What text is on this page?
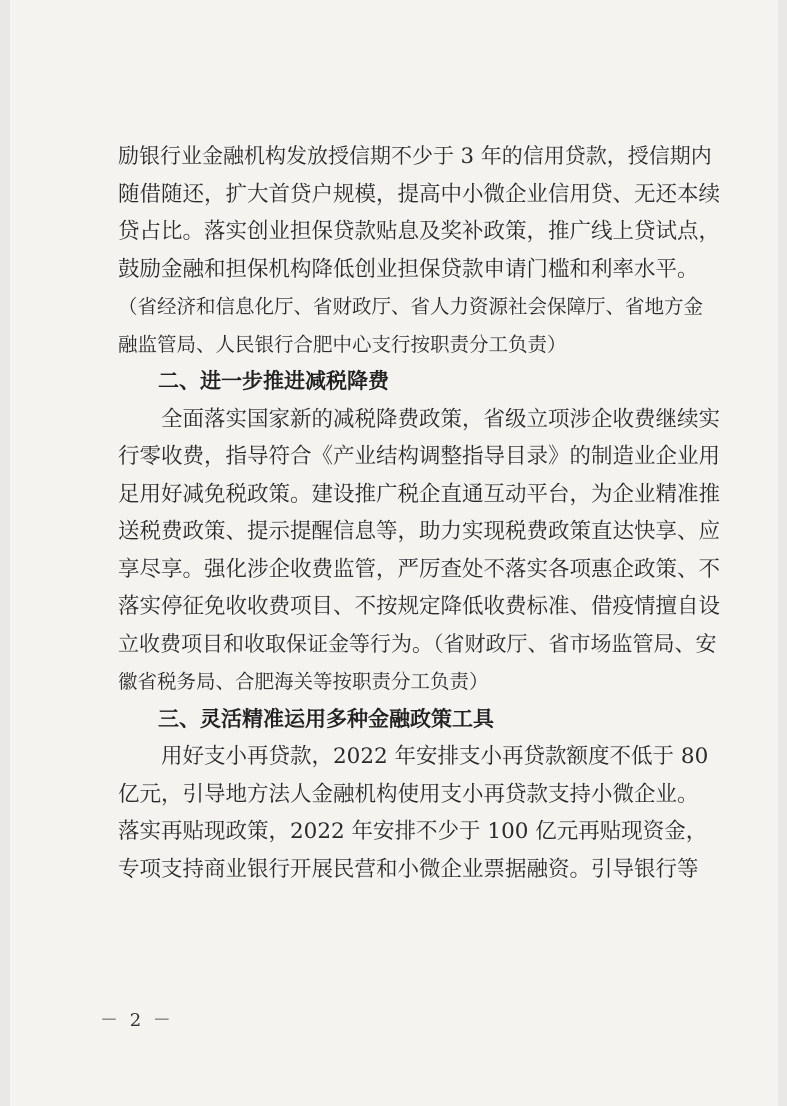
励银行业金融机构发放授信期不少于 3 年的信用贷款，授信期内
随借随还，扩大首贷户规模，提高中小微企业信用贷、无还本续
贷占比。落实创业担保贷款贴息及奖补政策，推广线上贷试点，
鼓励金融和担保机构降低创业担保贷款申请门槛和利率水平。
（省经济和信息化厅、省财政厅、省人力资源社会保障厅、省地方金
融监管局、人民银行合肥中心支行按职责分工负责）
二、进一步推进减税降费
　　全面落实国家新的减税降费政策，省级立项涉企收费继续实
行零收费，指导符合《产业结构调整指导目录》的制造业企业用
足用好减免税政策。建设推广税企直通互动平台，为企业精准推
送税费政策、提示提醒信息等，助力实现税费政策直达快享、应
享尽享。强化涉企收费监管，严厉查处不落实各项惠企政策、不
落实停征免收收费项目、不按规定降低收费标准、借疫情擅自设
立收费项目和收取保证金等行为。（省财政厅、省市场监管局、安
徽省税务局、合肥海关等按职责分工负责）
三、灵活精准运用多种金融政策工具
　　用好支小再贷款，2022 年安排支小再贷款额度不低于 80
亿元，引导地方法人金融机构使用支小再贷款支持小微企业。
落实再贴现政策，2022 年安排不少于 100 亿元再贴现资金，
专项支持商业银行开展民营和小微企业票据融资。引导银行等
－ 2 －
